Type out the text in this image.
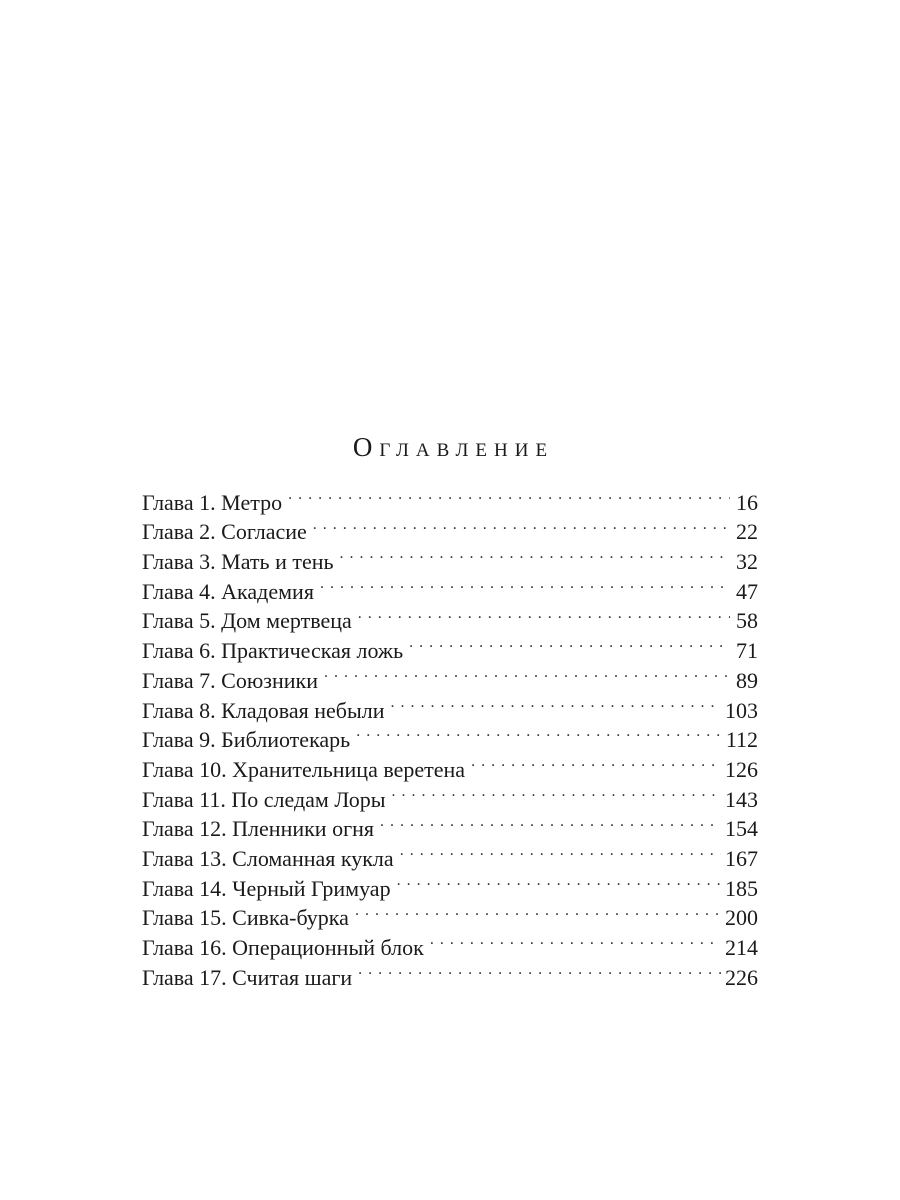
Оглавление
Глава 1. Метро . . .	16
Глава 2. Согласие . . .	22
Глава 3. Мать и тень . . .	32
Глава 4. Академия . . .	47
Глава 5. Дом мертвеца . . .	58
Глава 6. Практическая ложь . . .	71
Глава 7. Союзники . . .	89
Глава 8. Кладовая небыли . . .	103
Глава 9. Библиотекарь . . .	112
Глава 10. Хранительница веретена . . .	126
Глава 11. По следам Лоры . . .	143
Глава 12. Пленники огня . . .	154
Глава 13. Сломанная кукла . . .	167
Глава 14. Черный Гримуар . . .	185
Глава 15. Сивка-бурка . . .	200
Глава 16. Операционный блок . . .	214
Глава 17. Считая шаги . . .	226
